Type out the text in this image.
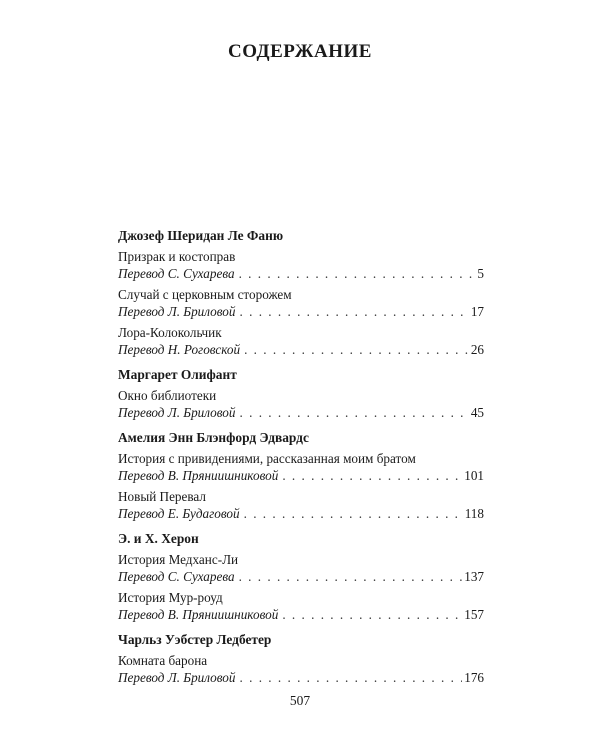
СОДЕРЖАНИЕ
Джозеф Шеридан Ле Фаню
Призрак и костоправ
Перевод С. Сухарева . . .	5
Случай с церковным сторожем
Перевод Л. Бриловой . . .	17
Лора-Колокольчик
Перевод Н. Роговской . . .	26
Маргарет Олифант
Окно библиотеки
Перевод Л. Бриловой . . .	45
Амелия Энн Блэнфорд Эдвардс
История с привидениями, рассказанная моим братом
Перевод В. Пряниишниковой . . .	101
Новый Перевал
Перевод Е. Будаговой . . .	118
Э. и Х. Херон
История Медханс-Ли
Перевод С. Сухарева . . .	137
История Мур-роуд
Перевод В. Пряниишниковой . . .	157
Чарльз Уэбстер Ледбетер
Комната барона
Перевод Л. Бриловой . . .	176
507
